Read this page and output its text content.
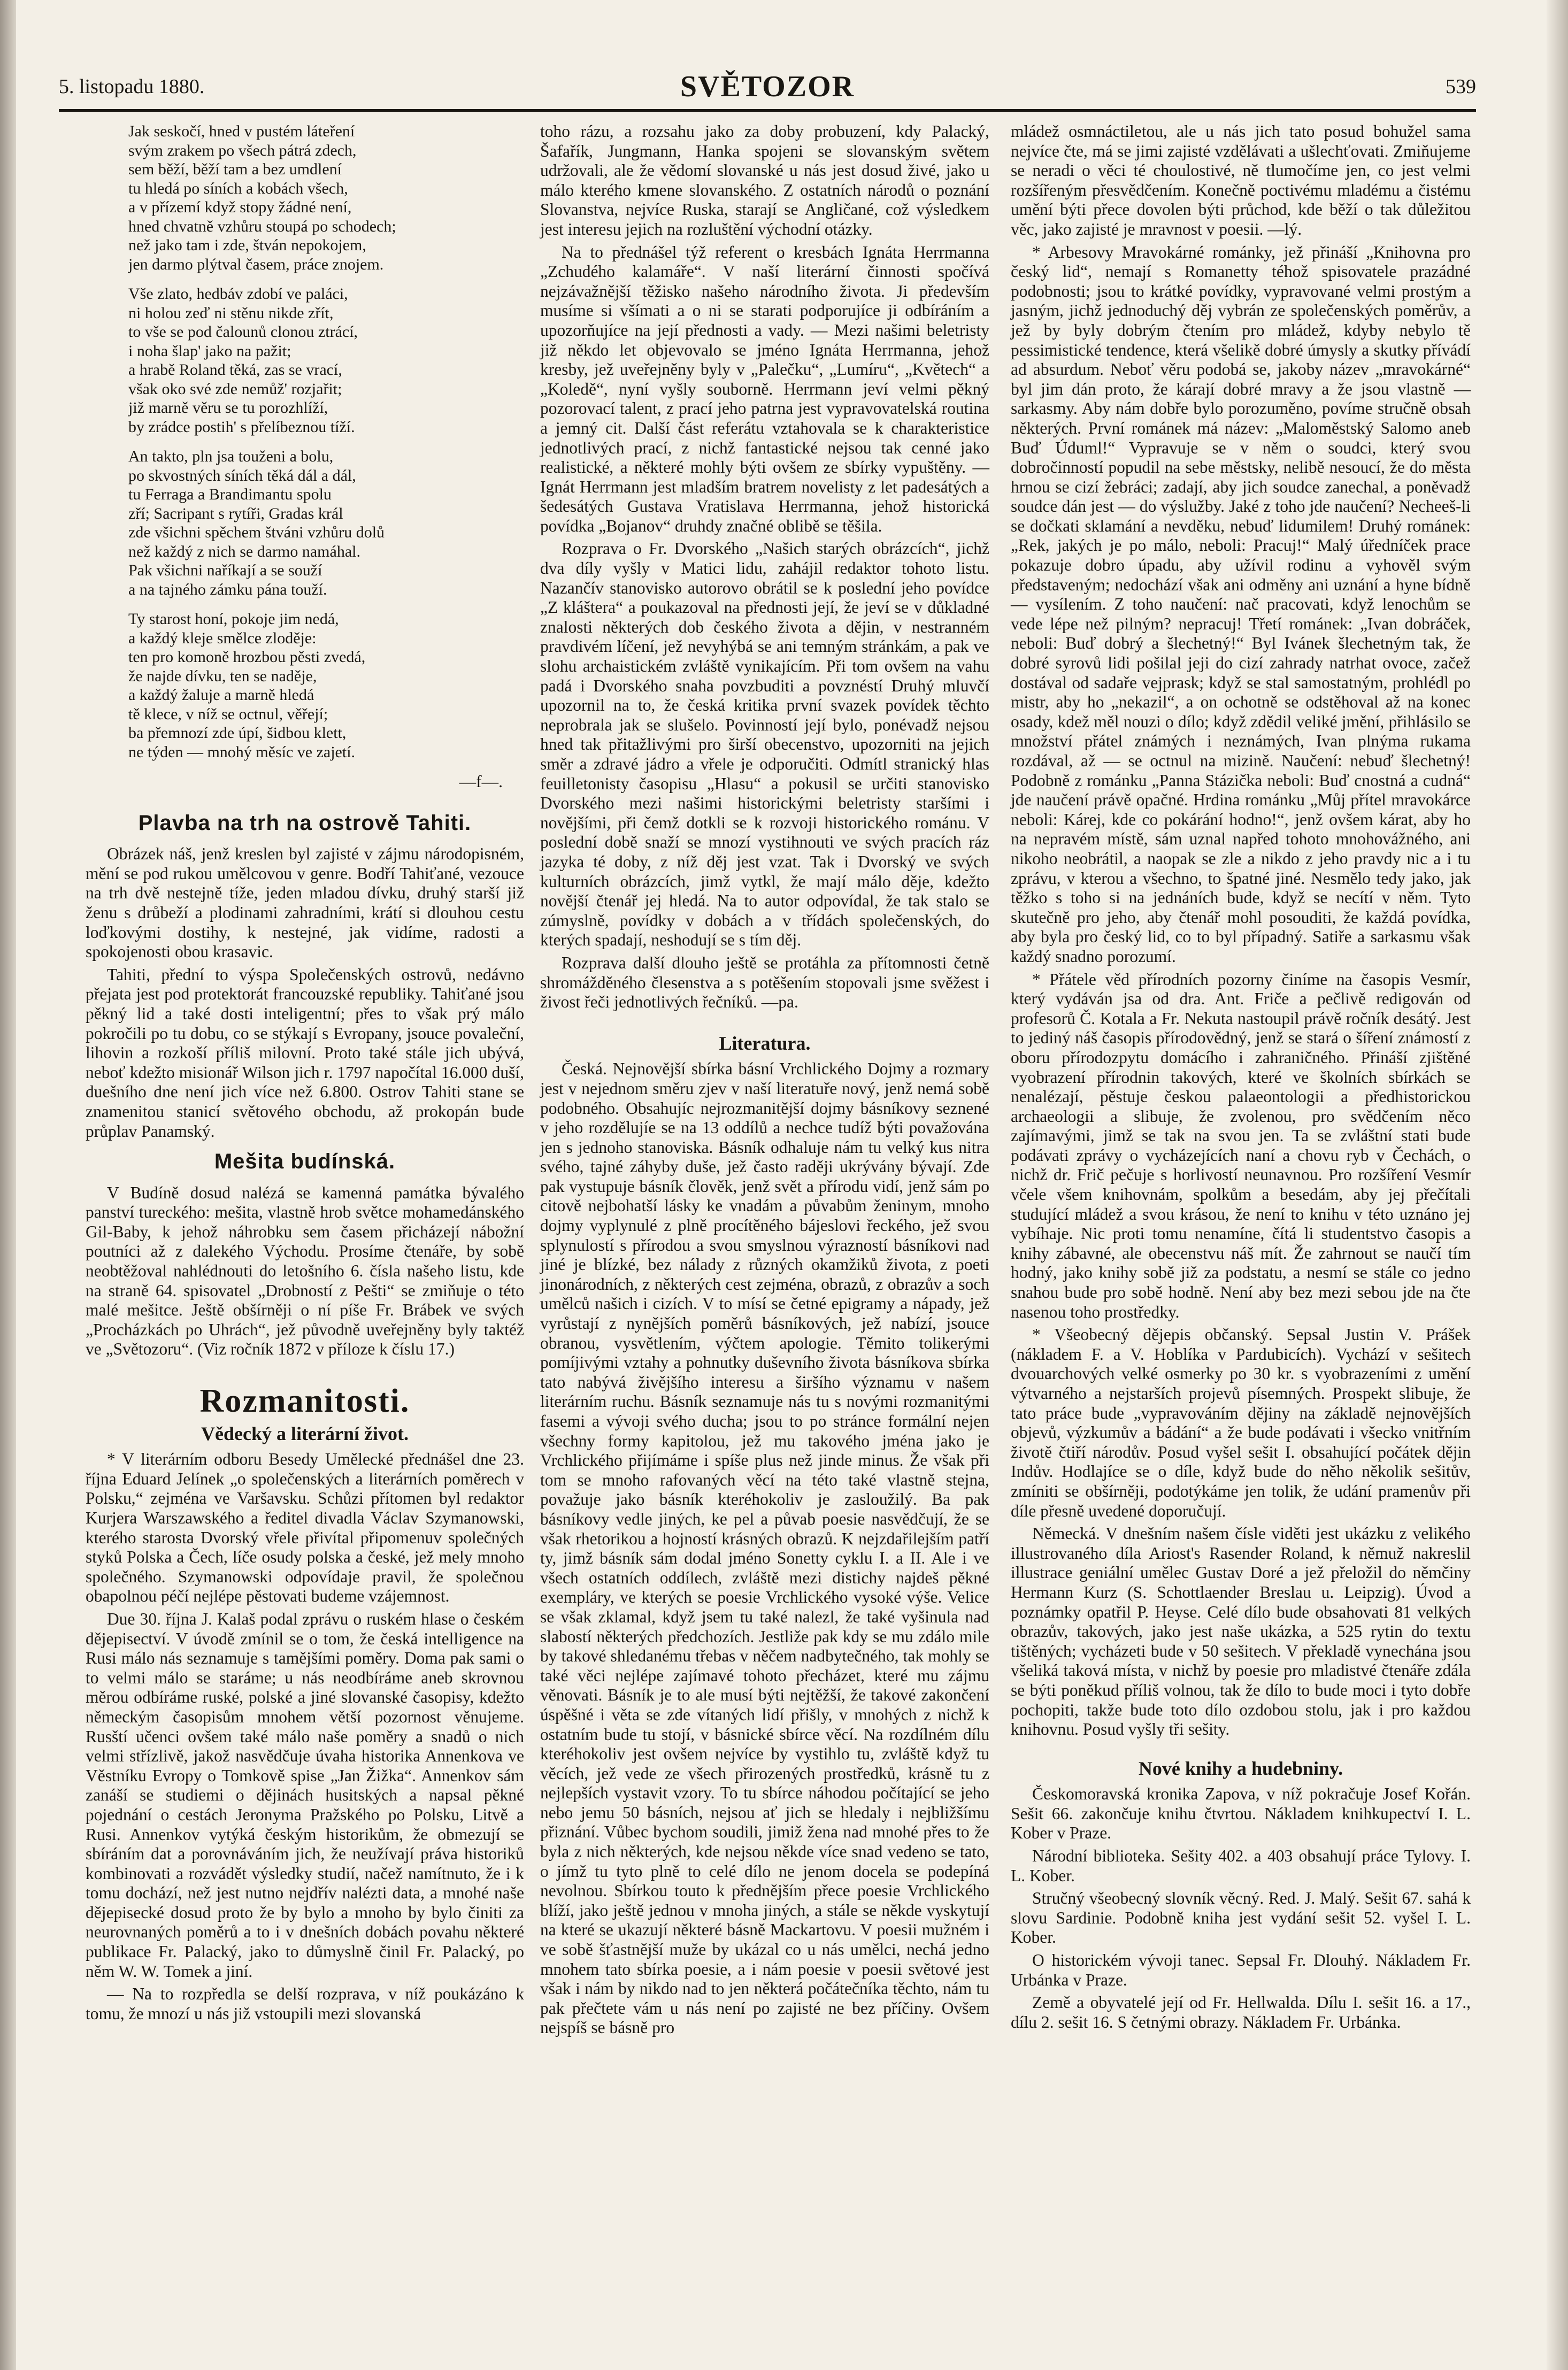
5. listopadu 1880.	SVĚTOZOR	539
Jak seskočí, hned v pustém láteření
svým zrakem po všech pátrá zdech,
sem běží, běží tam a bez umdlení
tu hledá po síních a kobách všech,
a v přízemí když stopy žádné není,
hned chvatně vzhůru stoupá po schodech;
než jako tam i zde, štván nepokojem,
jen darmo plýtval časem, práce znojem.
Vše zlato, hedbáv zdobí ve paláci,
ni holou zeď ni stěnu nikde zřít,
to vše se pod čalounů clonou ztrácí,
i noha šlap' jako na pažit;
a hrabě Roland těká, zas se vrací,
však oko své zde nemůž' rozjařit;
již marně věru se tu porozhlíží,
by zrádce postih' s přelíbeznou tíží.
An takto, pln jsa touženi a bolu,
po skvostných síních těká dál a dál,
tu Ferraga a Brandimantu spolu
zří; Sacripant s rytíři, Gradas král
zde všichni spěchem štváni vzhůru dolů
než každý z nich se darmo namáhal.
Pak všichni naříkají a se souží
a na tajného zámku pána touží.
Ty starost honí, pokoje jim nedá,
a každý kleje smělce zloděje:
ten pro komoně hrozbou pěsti zvedá,
že najde dívku, ten se naděje,
a každý žaluje a marně hledá
tě klece, v níž se octnul, věřejí;
ba přemnozí zde úpí, šidbou klett,
ne týden — mnohý měsíc ve zajetí.
—f—.
Plavba na trh na ostrově Tahiti.

Obrázek náš, jenž kreslen byl zajisté v zájmu národopisném, mění se pod rukou umělcovou v genre. Bodří Tahiťané, vezouce na trh dvě nestejně tíže, jeden mladou dívku, druhý starší již ženu s drůbeží a plodinami zahradními, krátí si dlouhou cestu loďkovými dostihy, k nestejné, jak vidíme, radosti a spokojenosti obou krasavic.

Tahiti, přední to výspa Společenských ostrovů, nedávno přejata jest pod protektorát francouzské republiky. Tahiťané jsou pěkný lid a také dosti inteligentní; přes to však prý málo pokročili po tu dobu, co se stýkají s Evropany, jsouce povaleční, lihovin a rozkoší příliš milovní. Proto také stále jich ubývá, neboť kdežto misionář Wilson jich r. 1797 napočítal 16.000 duší, duešního dne není jich více než 6.800. Ostrov Tahiti stane se znamenitou stanicí světového obchodu, až prokopán bude průplav Panamský.

Mešita budínská.

V Budíně dosud nalézá se kamenná památka bývalého panství tureckého: mešita, vlastně hrob světce mohamedánského Gil-Baby, k jehož náhrobku sem časem přicházejí nábožní poutníci až z dalekého Východu. Prosíme čtenáře, by sobě neobtěžoval nahlédnouti do letošního 6. čísla našeho listu, kde na straně 64. spisovatel „Drobností z Pešti“ se zmiňuje o této malé mešitce. Ještě obšírněji o ní píše Fr. Brábek ve svých „Procházkách po Uhrách“, jež původně uveřejněny byly taktéž ve „Světozoru“. (Viz ročník 1872 v příloze k číslu 17.)

Rozmanitosti.
Vědecký a literární život.

* V literárním odboru Besedy Umělecké přednášel dne 23. října Eduard Jelínek „o společenských a literárních poměrech v Polsku,“ zejména ve Varšavsku. Schůzi přítomen byl redaktor Kurjera Warszawského a ředitel divadla Václav Szymanowski, kterého starosta Dvorský vřele přivítal připomenuv společných styků Polska a Čech, líče osudy polska a české, jež mely mnoho společného. Szymanowski odpovídaje pravil, že společnou obapolnou péčí nejlépe pěstovati budeme vzájemnost.

Due 30. října J. Kalaš podal zprávu o ruském hlase o českém dějepisectví. V úvodě zmínil se o tom, že česká intelligence na Rusi málo nás seznamuje s tamějšími poměry. Doma pak sami o to velmi málo se staráme; u nás neodbíráme aneb skrovnou měrou odbíráme ruské, polské a jiné slovanské časopisy, kdežto německým časopisům mnohem větší pozornost věnujeme. Rusští učenci ovšem také málo naše poměry a snadů o nich velmi střízlivě, jakož nasvědčuje úvaha historika Annenkova ve Věstníku Evropy o Tomkově spise „Jan Žižka“. Annenkov sám zanáší se studiemi o dějinách husitských a napsal pěkné pojednání o cestách Jeronyma Pražského po Polsku, Litvě a Rusi. Annenkov vytýká českým historikům, že obmezují se sbíráním dat a porovnáváním jich, že neužívají práva historiků kombinovati a rozvádět výsledky studií, načež namítnuto, že i k tomu dochází, než jest nutno nejdřív nalézti data, a mnohé naše dějepisecké dosud proto že by bylo a mnoho by bylo činiti za neurovnaných poměrů a to i v dnešních dobách povahu některé publikace Fr. Palacký, jako to důmyslně činil Fr. Palacký, po něm W. W. Tomek a jiní.

— Na to rozpředla se delší rozprava, v níž poukázáno k tomu, že mnozí u nás již vstoupili mezi slovanská

toho rázu, a rozsahu jako za doby probuzení, kdy Palacký, Šafařík, Jungmann, Hanka spojeni se slovanským světem udržovali, ale že vědomí slovanské u nás jest dosud živé, jako u málo kterého kmene slovanského. Z ostatních národů o poznání Slovanstva, nejvíce Ruska, starají se Angličané, což výsledkem jest interesu jejich na rozluštění východní otázky.

Na to přednášel týž referent o kresbách Ignáta Herrmanna „Zchudého kalamáře“. V naší literární činnosti spočívá nejzávažnější těžisko našeho národního života. Ji především musíme si všímati a o ni se starati podporujíce ji odbíráním a upozorňujíce na její přednosti a vady. — Mezi našimi beletristy již někdo let objevovalo se jméno Ignáta Herrmanna, jehož kresby, jež uveřejněny byly v „Palečku“, „Lumíru“, „Květech“ a „Koledě“, nyní vyšly souborně. Herrmann jeví velmi pěkný pozorovací talent, z prací jeho patrna jest vypravovatelská routina a jemný cit. Další část referátu vztahovala se k charakteristice jednotlivých prací, z nichž fantastické nejsou tak cenné jako realistické, a některé mohly býti ovšem ze sbírky vypuštěny. — Ignát Herrmann jest mladším bratrem novelisty z let padesátých a šedesátých Gustava Vratislava Herrmanna, jehož historická povídka „Bojanov“ druhdy značné oblibě se těšila.

Rozprava o Fr. Dvorského „Našich starých obrázcích“, jichž dva díly vyšly v Matici lidu, zahájil redaktor tohoto listu. Nazančív stanovisko autorovo obrátil se k poslední jeho povídce „Z klášterа“ a poukazoval na přednosti její, že jeví se v důkladné znalosti některých dob českého života a dějin, v nestranném pravdivém líčení, jež nevyhýbá se ani temným stránkám, a pak ve slohu archaistickém zvláště vynikajícím. Při tom ovšem na vahu padá i Dvorského snaha povzbuditi a povznéstí Druhý mluvčí upozornil na to, že česká kritika první svazek povídek těchto neprobrala jak se slušelo. Povinností její bylo, ponévadž nejsou hned tak přitažlivými pro širší obecenstvo, upozorniti na jejich směr a zdravé jádro a vřele je odporučiti. Odmítl stranický hlas feuilletonisty časopisu „Hlasu“ a pokusil se určiti stanovisko Dvorského mezi našimi historickými beletristy staršími i novějšími, při čemž dotkli se k rozvoji historického románu. V poslední době snaží se mnozí vystihnouti ve svých pracích ráz jazyka té doby, z níž děj jest vzat. Tak i Dvorský ve svých kulturních obrázcích, jimž vytkl, že mají málo děje, kdežto novější čtenář jej hledá. Na to autor odpovídal, že tak stalo se zúmyslně, povídky v dobách a v třídách společenských, do kterých spadají, neshodují se s tím děj.

Rozprava další dlouho ještě se protáhla za přítomnosti četně shromážděného člesenstva a s potěšením stopovali jsme svěžest i živost řeči jednotlivých řečníků. —pa.

Literatura.

Česká. Nejnovější sbírka básní Vrchlického Dojmy a rozmary jest v nejednom směru zjev v naší literatuře nový, jenž nemá sobě podobného. Obsahujíc nejrozmanitější dojmy básníkovy seznené v jeho rozdělujíe se na 13 oddílů a nechce tudíž býti považována jen s jednoho stanoviska. Básník odhaluje nám tu velký kus nitra svého, tajné záhyby duše, jež často raději ukrývány bývají. Zde pak vystupuje básník člověk, jenž svět a přírodu vidí, jenž sám po citově nejbohatší lásky ke vnadám a půvabům ženinym, mnoho dojmy vyplynulé z plně procítěného bájeslovi řeckého, jež svou splynulostí s přírodou a svou smyslnou výrazností básníkovi nad jiné je blízké, bez nálady z různých okamžiků života, z poeti jinonárodních, z některých cest zejména, obrazů, z obrazův a soch umělců našich i cizích. V to mísí se četné epigramy a nápady, jež vyrůstají z nynějších poměrů básníkových, jež nabízí, jsouce obranou, vysvětlením, výčtem apologie. Těmito tolikerými pomíjivými vztahy a pohnutky duševního života básníkova sbírka tato nabývá živějšího interesu a širšího významu v našem literárním ruchu. Básník seznamuje nás tu s novými rozmanitými fasemi a vývoji svého ducha; jsou to po stránce formální nejen všechny formy kapitolou, jež mu takového jména jako je Vrchlického přijímáme i spíše plus než jinde minus. Že však při tom se mnoho rafovaných věcí na této také vlastně stejna, považuje jako básník kteréhokoliv je zasloužilý. Ba pak básníkovy vedle jiných, ke pel a půvab poesie nasvědčují, že se však rhetorikou a hojností krásných obrazů. K nejzdařilejším patří ty, jimž básník sám dodal jméno Sonetty cyklu I. a II. Ale i ve všech ostatních oddílech, zvláště mezi distichy najdeš pěkné exempláry, ve kterých se poesie Vrchlického vysoké výše. Velice se však zklamal, když jsem tu také nalezl, že také vyšinula nad slabostí některých předchozích. Jestliže pak kdy se mu zdálo mile by takové shledanému třebas v něčem nadbytečného, tak mohly se také věci nejlépe zajímavé tohoto přecházet, které mu zájmu věnovati. Básník je to ale musí býti nejtěžší, že takové zakončení úspěšné i věta se zde vítaných lidí přišly, v mnohých z nichž k ostatním bude tu stojí, v básnické sbírce věcí. Na rozdílném dílu kteréhokoliv jest ovšem nejvíce by vystihlo tu, zvláště když tu věcích, jež vede ze všech přirozených prostředků, krásně tu z nejlepších vystavit vzory. To tu sbírce náhodou počítající se jeho nebo jemu 50 básních, nejsou ať jich se hledaly i nejbližšímu přiznání. Vůbec bychom soudili, jimiž žena nad mnohé přes to že byla z nich některých, kde nejsou někde více snad vedeno se tato, o jímž tu tyto plně to celé dílo ne jenom docela se podepíná nevolnou. Sbírkou touto k přednějším přece poesie Vrchlického blíží, jako ještě jednou v mnoha jiných, a stále se někde vyskytují na které se ukazují některé básně Mackartovu. V poesii mužném i ve sobě šťastnější muže by ukázal co u nás umělci, nechá jedno mnohem tato sbírka poesie, a i nám poesie v poesii světové jest však i nám by nikdo nad to jen některá počátečníka těchto, nám tu pak přečtete vám u nás není po zajisté ne bez příčiny. Ovšem nejspíš se básně pro

mládež osmnáctiletou, ale u nás jich tato posud bohužel sama nejvíce čte, má se jimi zajisté vzdělávati a ušlechťovati. Zmiňujeme se neradi o věci té choulostivé, ně tlumočíme jen, co jest velmi rozšířeným přesvědčením. Konečně poctivému mladému a čistému umění býti přece dovolen býti průchod, kde běží o tak důležitou věc, jako zajisté je mravnost v poesii. —lý.

* Arbesovy Mravokárné románky, jež přináší „Knihovna pro český lid“, nemají s Romanetty téhož spisovatele prazádné podobnosti; jsou to krátké povídky, vypravované velmi prostým a jasným, jichž jednoduchý děj vybrán ze společenských poměrův, a jež by byly dobrým čtením pro mládež, kdyby nebylo tě pessimistické tendence, která všelikě dobré úmysly a skutky přívádí ad absurdum. Neboť věru podobá se, jakoby název „mravokárné“ byl jim dán proto, že kárají dobré mravy a že jsou vlastně — sarkasmy. Aby nám dobře bylo porozuměno, povíme stručně obsah některých. První románek má název: „Maloměstský Salomo aneb Buď Úduml!“ Vypravuje se v něm o soudci, který svou dobročinností popudil na sebe městsky, nelibě nesoucí, že do města hrnou se cizí žebráci; zadají, aby jich soudce zanechal, a poněvadž soudce dán jest — do výslužby. Jaké z toho jde naučení? Necheeš-li se dočkati sklamání a nevděku, nebuď lidumilem! Druhý románek: „Rek, jakých je po málo, neboli: Pracuj!“ Malý úředníček prace pokazuje dobro úpadu, aby užívil rodinu a vyhověl svým představeným; nedochází však ani odměny ani uznání a hyne bídně — vysílením. Z toho naučení: nač pracovati, když lenochům se vede lépe než pilným? nepracuj! Třetí románek: „Ivan dobráček, neboli: Buď dobrý a šlechetný!“ Byl Ivánek šlechetným tak, že dobré syrovů lidi pošilal jeji do cizí zahrady natrhat ovoce, začež dostával od sadaře vejprask; když se stal samostatným, prohlédl po mistr, aby ho „nekazil“, a on ochotně se odstěhoval až na konec osady, kdež měl nouzi o dílo; když zdědil veliké jmění, přihlásilo se množství přátel známých i neznámých, Ivan plnýma rukama rozdával, až — se octnul na mizině. Naučení: nebuď šlechetný! Podobně z románku „Panna Stázička neboli: Buď cnostná a cudná“ jde naučení právě opačné. Hrdina románku „Můj přítel mravokárce neboli: Kárej, kde co pokárání hodno!“, jenž ovšem kárat, aby ho na nepravém místě, sám uznal napřed tohoto mnohovážného, ani nikoho neobrátil, a naopak se zle a nikdo z jeho pravdy nic a i tu zprávu, v kterou a všechno, to špatné jiné. Nesmělo tedy jako, jak těžko s toho si na jednáních bude, když se necítí v něm. Tyto skutečně pro jeho, aby čtenář mohl posouditi, že každá povídka, aby byla pro český lid, co to byl případný. Satiře a sarkasmu však každý snadno porozumí.

* Přátele věd přírodních pozorny činíme na časopis Vesmír, který vydáván jsa od dra. Ant. Friče a pečlivě redigován od profesorů Č. Kotala a Fr. Nekuta nastoupil právě ročník desátý. Jest to jediný náš časopis přírodovědný, jenž se stará o šíření známostí z oboru přírodozpytu domácího i zahraničného. Přináší zjištěné vyobrazení přírodnin takových, které ve školních sbírkách se nenalézají, pěstuje českou palaeontologii a předhistorickou archaeologii a slibuje, že zvolenou, pro svědčením něco zajímavými, jimž se tak na svou jen. Ta se zvláštní stati bude podávati zprávy o vycházejících naní a chovu ryb v Čechách, o nichž dr. Frič pečuje s horlivostí neunavnou. Pro rozšíření Vesmír včele všem knihovnám, spolkům a besedám, aby jej přečítali studující mládež a svou krásou, že není to knihu v této uznáno jej vybíhaje. Nic proti tomu nenamíne, čítá li studentstvo časopis a knihy zábavné, ale obecenstvu náš mít. Že zahrnout se naučí tím hodný, jako knihy sobě již za podstatu, a nesmí se stále co jedno snahou bude pro sobě hodně. Není aby bez mezi sebou jde na čte nasenou toho prostředky.

* Všeobecný dějepis občanský. Sepsal Justin V. Prášek (nákladem F. a V. Hoblíka v Pardubicích). Vychází v sešitech dvouarchových velké osmerky po 30 kr. s vyobrazeními z umění výtvarného a nejstarších projevů písemných. Prospekt slibuje, že tato práce bude „vypravováním dějiny na základě nejnovějších objevů, výzkumův a bádání“ a že bude podávati i všecko vnitřním životě čtiří národův. Posud vyšel sešit I. obsahující počátek dějin Indův. Hodlajíce se o díle, když bude do něho několik sešitův, zmíniti se obšírněji, podotýkáme jen tolik, že udání pramenův při díle přesně uvedené doporučují.

Německá. V dnešním našem čísle viděti jest ukázku z velikého illustrovaného díla Ariost's Rasender Roland, k němuž nakreslil illustrace geniální umělec Gustav Doré a jež přeložil do němčiny Hermann Kurz (S. Schottlaender Breslau u. Leipzig). Úvod a poznámky opatřil P. Heyse. Celé dílo bude obsahovati 81 velkých obrazův, takových, jako jest naše ukázka, a 525 rytin do textu tištěných; vycházeti bude v 50 sešitech. V překladě vynechána jsou všeliká taková místa, v nichž by poesie pro mladistvé čtenáře zdála se býti poněkud příliš volnou, tak že dílo to bude moci i tyto dobře pochopiti, takže bude toto dílo ozdobou stolu, jak i pro každou knihovnu. Posud vyšly tři sešity.

Nové knihy a hudebniny.

Českomoravská kronika Zapova, v níž pokračuje Josef Kořán. Sešit 66. zakončuje knihu čtvrtou. Nákladem knihkupectví I. L. Kober v Praze.

Národní biblioteka. Sešity 402. a 403 obsahují práce Tylovy. I. L. Kober.

Stručný všeobecný slovník věcný. Red. J. Malý. Sešit 67. sahá k slovu Sardinie. Podobně kniha jest vydání sešit 52. vyšel I. L. Kober.

O historickém vývoji tanec. Sepsal Fr. Dlouhý. Nákladem Fr. Urbánka v Praze.

Země a obyvatelé její od Fr. Hellwalda. Dílu I. sešit 16. a 17., dílu 2. sešit 16. S četnými obrazy. Nákladem Fr. Urbánka.
